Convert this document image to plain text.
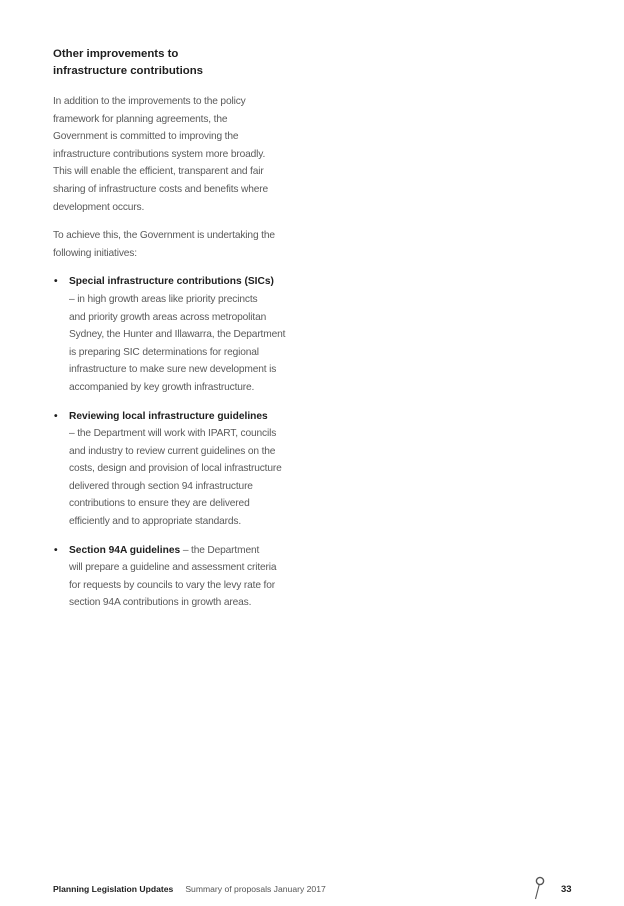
Other improvements to
infrastructure contributions
In addition to the improvements to the policy
framework for planning agreements, the
Government is committed to improving the
infrastructure contributions system more broadly.
This will enable the efficient, transparent and fair
sharing of infrastructure costs and benefits where
development occurs.
To achieve this, the Government is undertaking the
following initiatives:
• Special infrastructure contributions (SICs)
– in high growth areas like priority precincts
and priority growth areas across metropolitan
Sydney, the Hunter and Illawarra, the Department
is preparing SIC determinations for regional
infrastructure to make sure new development is
accompanied by key growth infrastructure.
• Reviewing local infrastructure guidelines
– the Department will work with IPART, councils
and industry to review current guidelines on the
costs, design and provision of local infrastructure
delivered through section 94 infrastructure
contributions to ensure they are delivered
efficiently and to appropriate standards.
• Section 94A guidelines – the Department
will prepare a guideline and assessment criteria
for requests by councils to vary the levy rate for
section 94A contributions in growth areas.
Planning Legislation Updates Summary of proposals January 2017	33
